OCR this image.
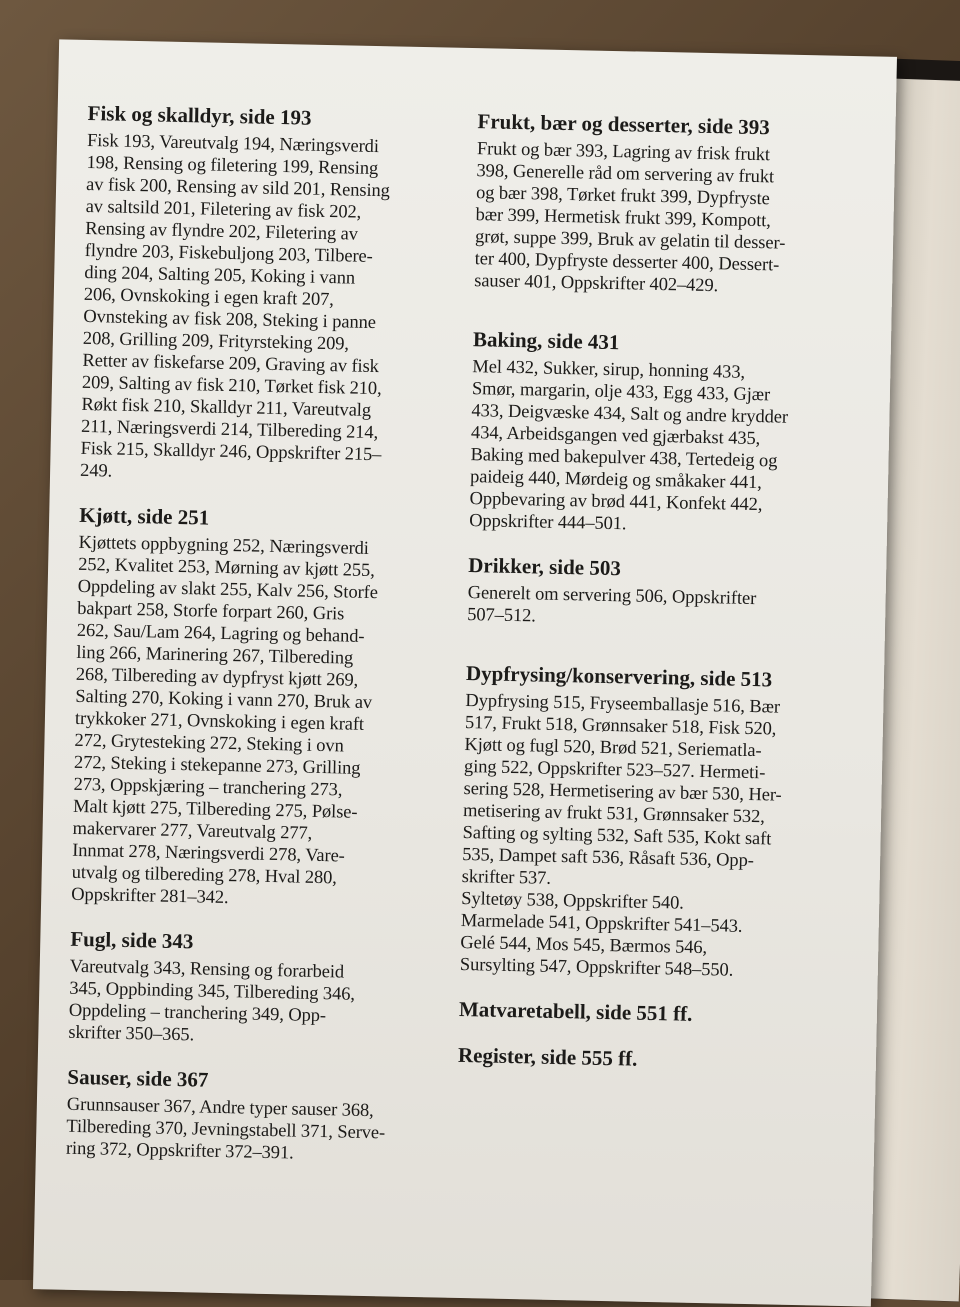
Fisk og skalldyr, side 193

Fisk 193, Vareutvalg 194, Næringsverdi
198, Rensing og filetering 199, Rensing
av fisk 200, Rensing av sild 201, Rensing
av saltsild 201, Filetering av fisk 202,
Rensing av flyndre 202, Filetering av
flyndre 203, Fiskebuljong 203, Tilbere-
ding 204, Salting 205, Koking i vann
206, Ovnskoking i egen kraft 207,
Ovnsteking av fisk 208, Steking i panne
208, Grilling 209, Frityrsteking 209,
Retter av fiskefarse 209, Graving av fisk
209, Salting av fisk 210, Tørket fisk 210,
Røkt fisk 210, Skalldyr 211, Vareutvalg
211, Næringsverdi 214, Tilbereding 214,
Fisk 215, Skalldyr 246, Oppskrifter 215–
249.

Kjøtt, side 251

Kjøttets oppbygning 252, Næringsverdi
252, Kvalitet 253, Mørning av kjøtt 255,
Oppdeling av slakt 255, Kalv 256, Storfe
bakpart 258, Storfe forpart 260, Gris
262, Sau/Lam 264, Lagring og behand-
ling 266, Marinering 267, Tilbereding
268, Tilbereding av dypfryst kjøtt 269,
Salting 270, Koking i vann 270, Bruk av
trykkoker 271, Ovnskoking i egen kraft
272, Grytesteking 272, Steking i ovn
272, Steking i stekepanne 273, Grilling
273, Oppskjæring – tranchering 273,
Malt kjøtt 275, Tilbereding 275, Pølse-
makervarer 277, Vareutvalg 277,
Innmat 278, Næringsverdi 278, Vare-
utvalg og tilbereding 278, Hval 280,
Oppskrifter 281–342.

Fugl, side 343

Vareutvalg 343, Rensing og forarbeid
345, Oppbinding 345, Tilbereding 346,
Oppdeling – tranchering 349, Opp-
skrifter 350–365.

Sauser, side 367

Grunnsauser 367, Andre typer sauser 368,
Tilbereding 370, Jevningstabell 371, Serve-
ring 372, Oppskrifter 372–391.

Frukt, bær og desserter, side 393

Frukt og bær 393, Lagring av frisk frukt
398, Generelle råd om servering av frukt
og bær 398, Tørket frukt 399, Dypfryste
bær 399, Hermetisk frukt 399, Kompott,
grøt, suppe 399, Bruk av gelatin til desser-
ter 400, Dypfryste desserter 400, Dessert-
sauser 401, Oppskrifter 402–429.

Baking, side 431

Mel 432, Sukker, sirup, honning 433,
Smør, margarin, olje 433, Egg 433, Gjær
433, Deigvæske 434, Salt og andre krydder
434, Arbeidsgangen ved gjærbakst 435,
Baking med bakepulver 438, Tertedeig og
paideig 440, Mørdeig og småkaker 441,
Oppbevaring av brød 441, Konfekt 442,
Oppskrifter 444–501.

Drikker, side 503

Generelt om servering 506, Oppskrifter
507–512.

Dypfrysing/konservering, side 513

Dypfrysing 515, Fryseemballasje 516, Bær
517, Frukt 518, Grønnsaker 518, Fisk 520,
Kjøtt og fugl 520, Brød 521, Seriematla-
ging 522, Oppskrifter 523–527. Hermeti-
sering 528, Hermetisering av bær 530, Her-
metisering av frukt 531, Grønnsaker 532,
Safting og sylting 532, Saft 535, Kokt saft
535, Dampet saft 536, Råsaft 536, Opp-
skrifter 537.
Syltetøy 538, Oppskrifter 540.
Marmelade 541, Oppskrifter 541–543.
Gelé 544, Mos 545, Bærmos 546,
Sursylting 547, Oppskrifter 548–550.

Matvaretabell, side 551 ff.
Register, side 555 ff.
